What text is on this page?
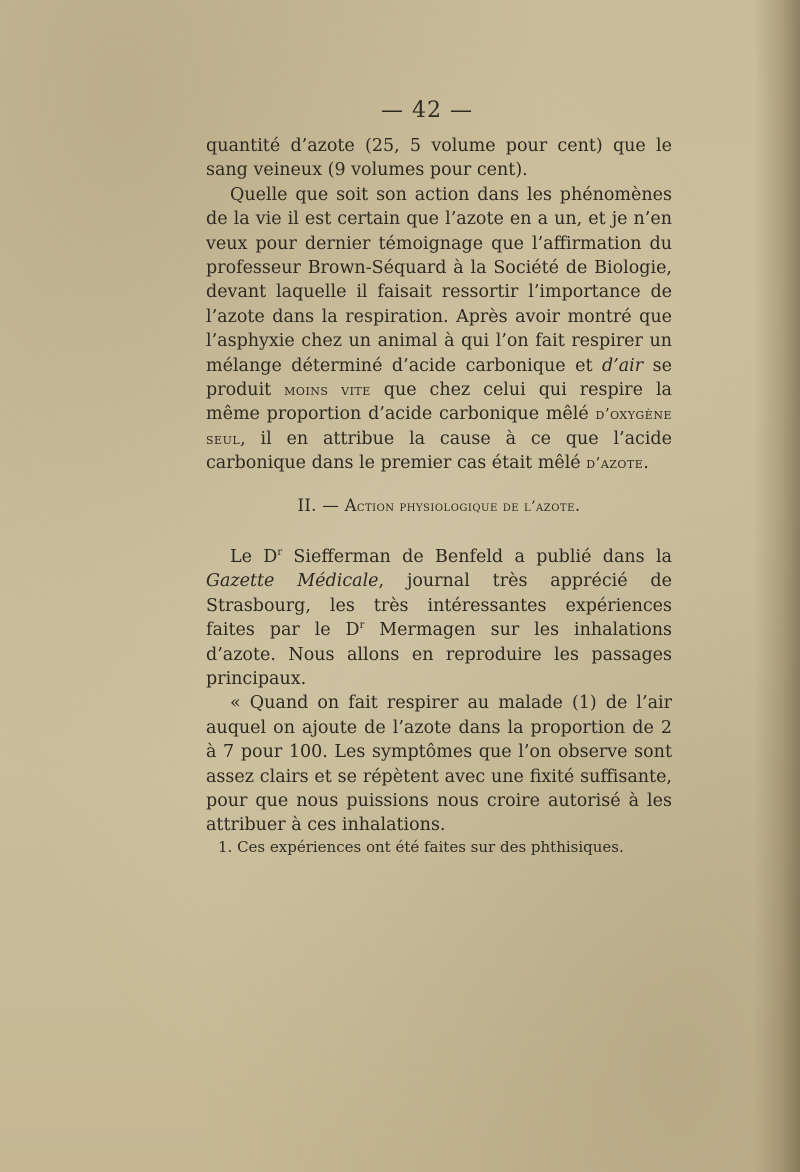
— 42 —

quantité d’azote (25, 5 volume pour cent) que le sang veineux (9 volumes pour cent).

Quelle que soit son action dans les phénomènes de la vie il est certain que l’azote en a un, et je n’en veux pour dernier témoignage que l’affirmation du professeur Brown-Séquard à la Société de Biologie, devant laquelle il faisait ressortir l’importance de l’azote dans la respiration. Après avoir montré que l’asphyxie chez un animal à qui l’on fait respirer un mélange déterminé d’acide carbonique et d’air se produit moins vite que chez celui qui respire la même proportion d’acide carbonique mêlé d’oxygène seul, il en attribue la cause à ce que l’acide carbonique dans le premier cas était mêlé d’azote.

II. — Action physiologique de l’azote.

Le $D^r$ Siefferman de Benfeld a publié dans la Gazette Médicale, journal très apprécié de Strasbourg, les très intéressantes expériences faites par le $D^r$ Mermagen sur les inhalations d’azote. Nous allons en reproduire les passages principaux.

« Quand on fait respirer au malade (1) de l’air auquel on ajoute de l’azote dans la proportion de 2 à 7 pour 100. Les symptômes que l’on observe sont assez clairs et se répètent avec une fixité suffisante, pour que nous puissions nous croire autorisé à les attribuer à ces inhalations.

1. Ces expériences ont été faites sur des phthisiques.
